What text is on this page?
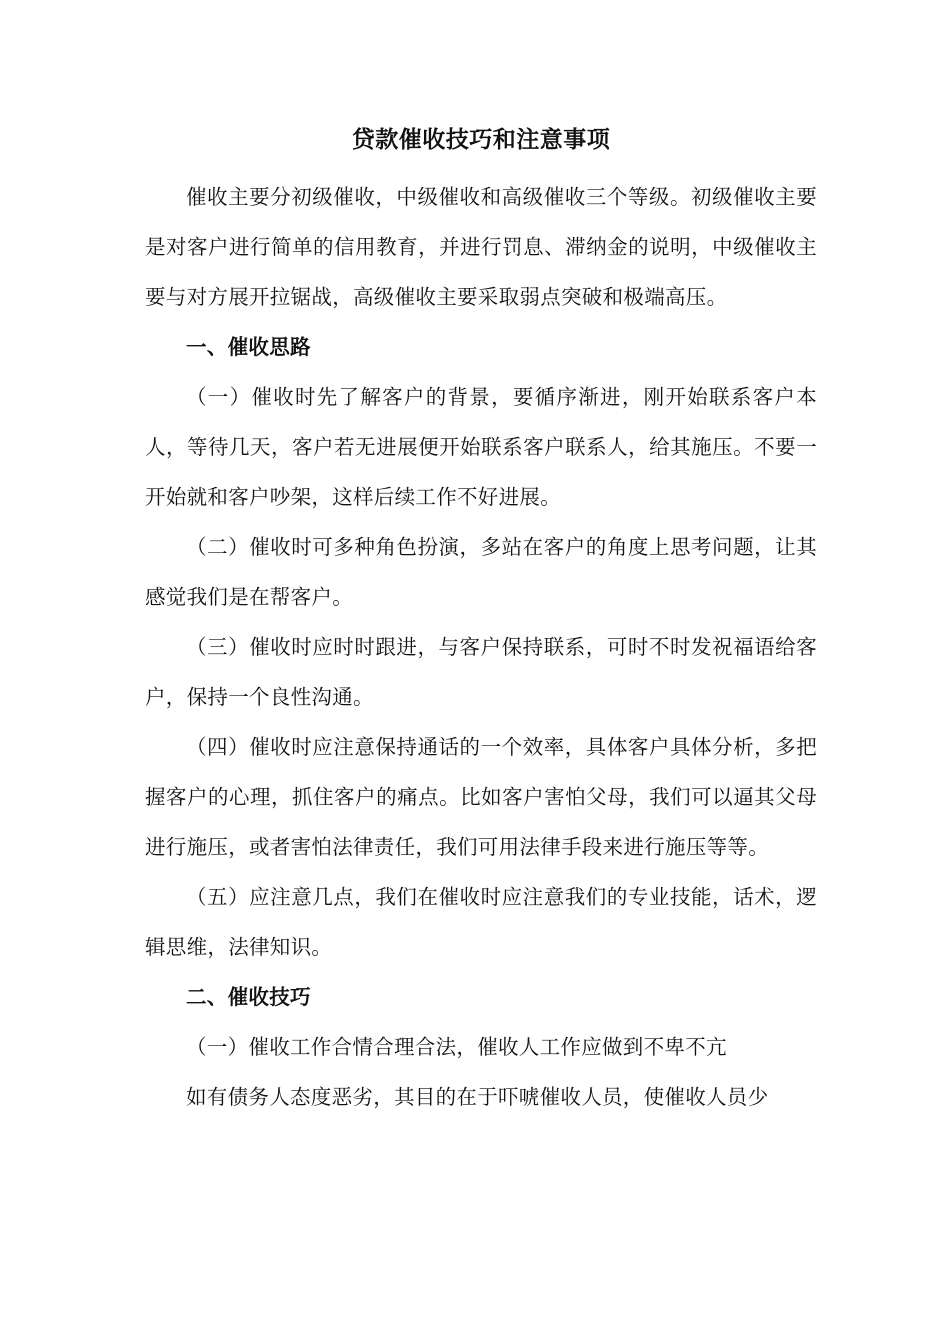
贷款催收技巧和注意事项

催收主要分初级催收，中级催收和高级催收三个等级。初级催收主要是对客户进行简单的信用教育，并进行罚息、滞纳金的说明，中级催收主要与对方展开拉锯战，高级催收主要采取弱点突破和极端高压。

一、催收思路

（一）催收时先了解客户的背景，要循序渐进，刚开始联系客户本人，等待几天，客户若无进展便开始联系客户联系人，给其施压。不要一开始就和客户吵架，这样后续工作不好进展。

（二）催收时可多种角色扮演，多站在客户的角度上思考问题，让其感觉我们是在帮客户。

（三）催收时应时时跟进，与客户保持联系，可时不时发祝福语给客户，保持一个良性沟通。

（四）催收时应注意保持通话的一个效率，具体客户具体分析，多把握客户的心理，抓住客户的痛点。比如客户害怕父母，我们可以逼其父母进行施压，或者害怕法律责任，我们可用法律手段来进行施压等等。

（五）应注意几点，我们在催收时应注意我们的专业技能，话术，逻辑思维，法律知识。

二、催收技巧

（一）催收工作合情合理合法，催收人工作应做到不卑不亢

如有债务人态度恶劣，其目的在于吓唬催收人员，使催收人员少
